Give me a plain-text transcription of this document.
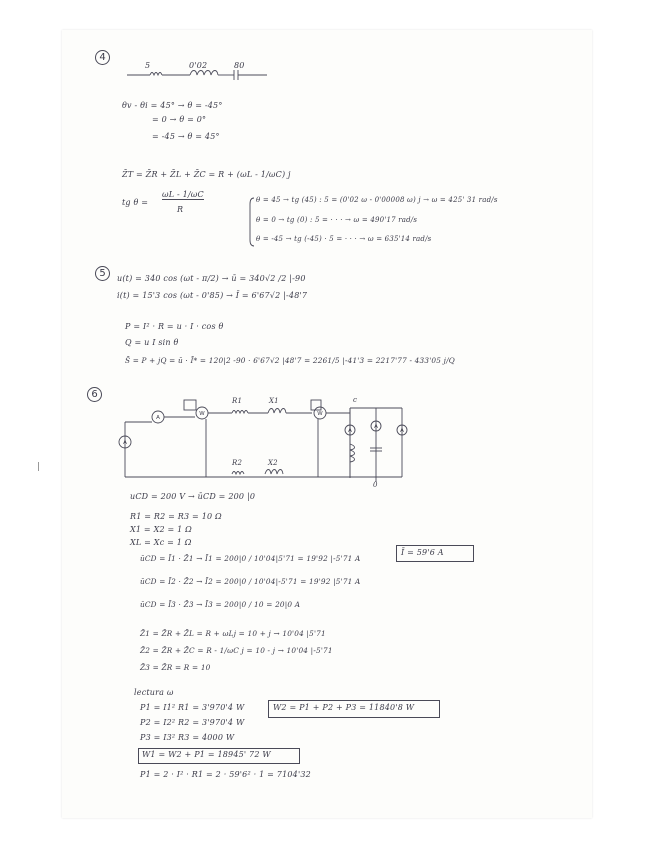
A
A
W	W
A
A
A
4
5	0'02	80
θv - θi = 45° → θ = -45°
= 0 → θ = 0°
= -45 → θ = 45°
Z̄T = Z̄R + Z̄L + Z̄C = R + (ωL - 1/ωC) j
tg θ =
ωL - 1/ωC
R
θ = 45 → tg (45) : 5 = (0'02 ω - 0'00008 ω) j → ω = 425' 31 rad/s
θ = 0 → tg (0) : 5 = · · · → ω = 490'17 rad/s
θ = -45 → tg (-45) · 5 = · · · → ω = 635'14 rad/s
5	u(t) = 340 cos (ωt - π/2) → ū = 340√2 /2 |-90
i(t) = 15'3 cos (ωt - 0'85) → Ī = 6'67√2 |-48'7
P = I² · R = u · I · cos θ
Q = u I sin θ
S̄ = P + jQ = ū · Ī* = 120|2 -90 · 6'67√2 |48'7 = 2261/5 |-41'3 = 2217'77 - 433'05 j/Q
6
R1	X1
R2	X2
c
0
uCD = 200 V → ūCD = 200 |0
R1 = R2 = R3 = 10 Ω
X1 = X2 = 1 Ω
XL = Xc = 1 Ω
ūCD = Ī1 · Z̄1 → Ī1 = 200|0 / 10'04|5'71 = 19'92 |-5'71 A
ūCD = Ī2 · Z̄2 → Ī2 = 200|0 / 10'04|-5'71 = 19'92 |5'71 A
ūCD = Ī3 · Z̄3 → Ī3 = 200|0 / 10 = 20|0 A
Ī = 59'6 A
Z̄1 = Z̄R + Z̄L = R + ωLj = 10 + j → 10'04 |5'71
Z̄2 = Z̄R + Z̄C = R - 1/ωC j = 10 - j → 10'04 |-5'71
Z̄3 = Z̄R = R = 10
lectura ω
P1 = I1² R1 = 3'970'4 W
P2 = I2² R2 = 3'970'4 W
P3 = I3² R3 = 4000 W
W2 = P1 + P2 + P3 = 11840'8 W
W1 = W2 + P1 = 18945' 72 W
P1 = 2 · I² · R1 = 2 · 59'6² · 1 = 7104'32
